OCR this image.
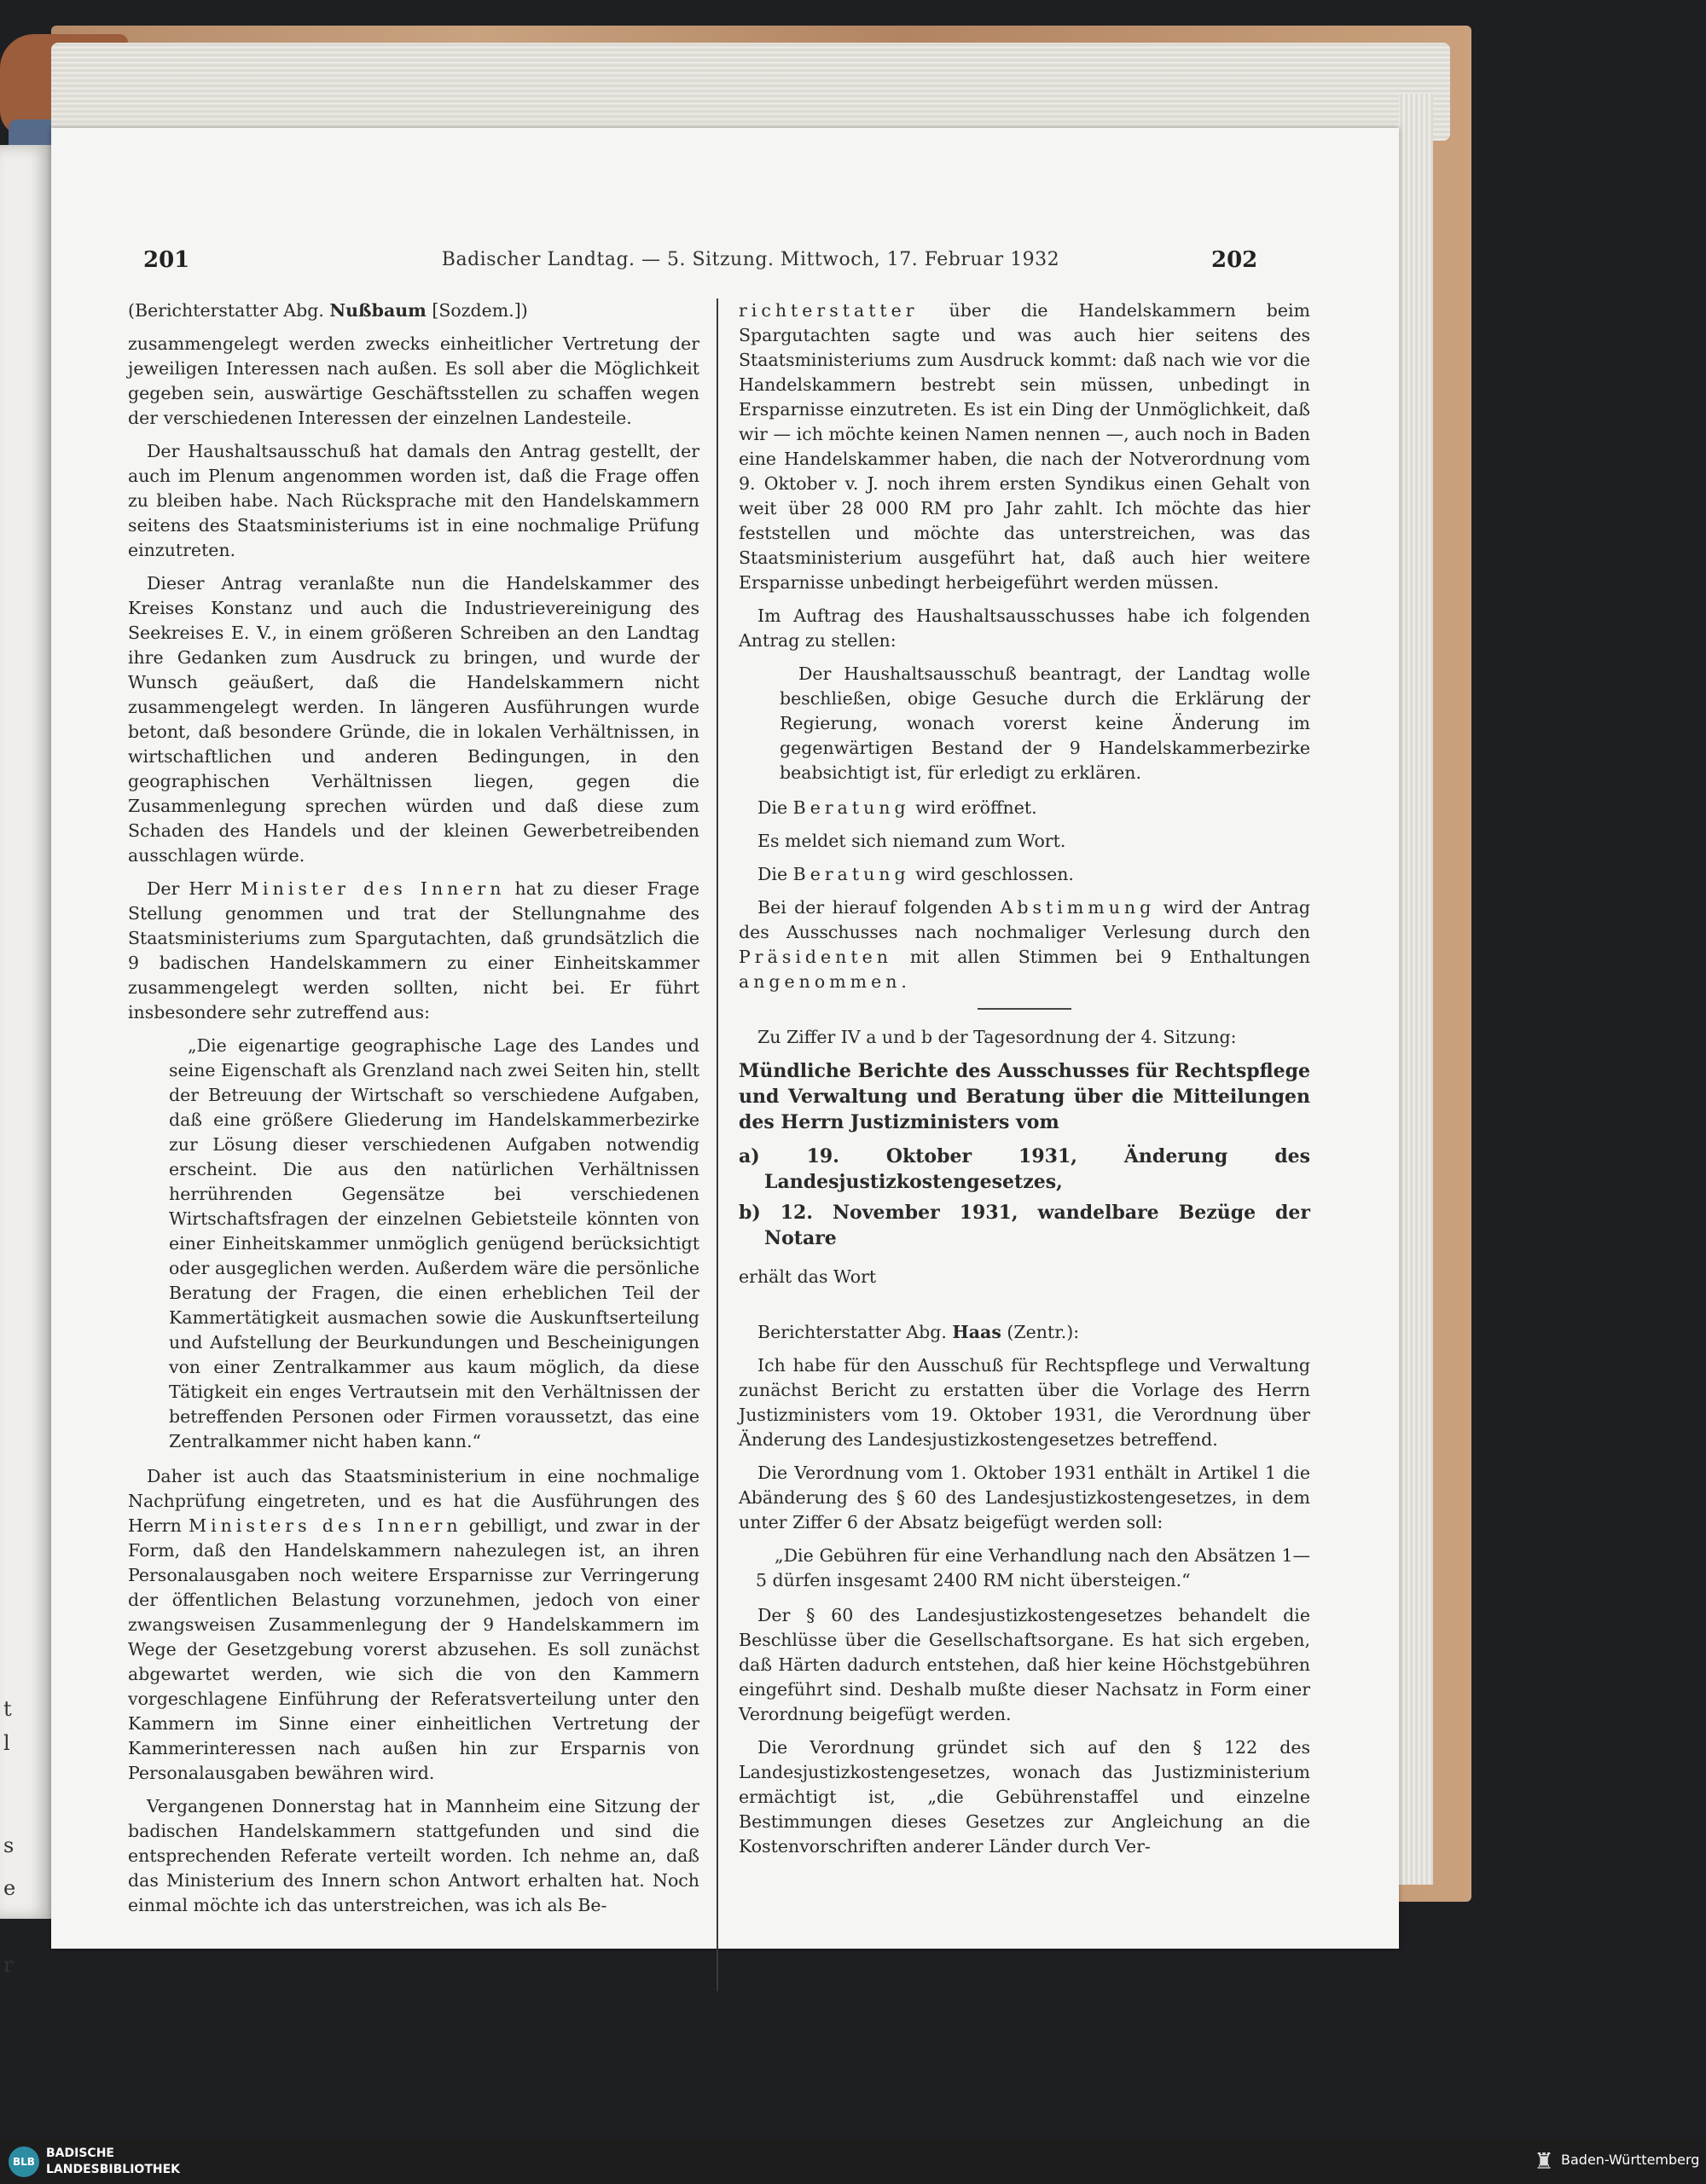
t
l
s
e
r
201	Badischer Landtag. — 5. Sitzung. Mittwoch, 17. Februar 1932	202

(Berichterstatter Abg. Nußbaum [Sozdem.])

zusammengelegt werden zwecks einheitlicher Vertretung der jeweiligen Interessen nach außen. Es soll aber die Möglichkeit gegeben sein, auswärtige Geschäftsstellen zu schaffen wegen der verschiedenen Interessen der einzelnen Landesteile.

Der Haushaltsausschuß hat damals den Antrag gestellt, der auch im Plenum angenommen worden ist, daß die Frage offen zu bleiben habe. Nach Rücksprache mit den Handelskammern seitens des Staatsministeriums ist in eine nochmalige Prüfung einzutreten.

Dieser Antrag veranlaßte nun die Handelskammer des Kreises Konstanz und auch die Industrievereinigung des Seekreises E. V., in einem größeren Schreiben an den Landtag ihre Gedanken zum Ausdruck zu bringen, und wurde der Wunsch geäußert, daß die Handelskammern nicht zusammengelegt werden. In längeren Ausführungen wurde betont, daß besondere Gründe, die in lokalen Verhältnissen, in wirtschaftlichen und anderen Bedingungen, in den geographischen Verhältnissen liegen, gegen die Zusammenlegung sprechen würden und daß diese zum Schaden des Handels und der kleinen Gewerbetreibenden ausschlagen würde.

Der Herr Minister des Innern hat zu dieser Frage Stellung genommen und trat der Stellungnahme des Staatsministeriums zum Spargutachten, daß grundsätzlich die 9 badischen Handelskammern zu einer Einheitskammer zusammengelegt werden sollten, nicht bei. Er führt insbesondere sehr zutreffend aus:

„Die eigenartige geographische Lage des Landes und seine Eigenschaft als Grenzland nach zwei Seiten hin, stellt der Betreuung der Wirtschaft so verschiedene Aufgaben, daß eine größere Gliederung im Handelskammerbezirke zur Lösung dieser verschiedenen Aufgaben notwendig erscheint. Die aus den natürlichen Verhältnissen herrührenden Gegensätze bei verschiedenen Wirtschaftsfragen der einzelnen Gebietsteile könnten von einer Einheitskammer unmöglich genügend berücksichtigt oder ausgeglichen werden. Außerdem wäre die persönliche Beratung der Fragen, die einen erheblichen Teil der Kammertätigkeit ausmachen sowie die Auskunftserteilung und Aufstellung der Beurkundungen und Bescheinigungen von einer Zentralkammer aus kaum möglich, da diese Tätigkeit ein enges Vertrautsein mit den Verhältnissen der betreffenden Personen oder Firmen voraussetzt, das eine Zentralkammer nicht haben kann.“

Daher ist auch das Staatsministerium in eine nochmalige Nachprüfung eingetreten, und es hat die Ausführungen des Herrn Ministers des Innern gebilligt, und zwar in der Form, daß den Handelskammern nahezulegen ist, an ihren Personalausgaben noch weitere Ersparnisse zur Verringerung der öffentlichen Belastung vorzunehmen, jedoch von einer zwangsweisen Zusammenlegung der 9 Handelskammern im Wege der Gesetzgebung vorerst abzusehen. Es soll zunächst abgewartet werden, wie sich die von den Kammern vorgeschlagene Einführung der Referatsverteilung unter den Kammern im Sinne einer einheitlichen Vertretung der Kammerinteressen nach außen hin zur Ersparnis von Personalausgaben bewähren wird.

Vergangenen Donnerstag hat in Mannheim eine Sitzung der badischen Handelskammern stattgefunden und sind die entsprechenden Referate verteilt worden. Ich nehme an, daß das Ministerium des Innern schon Antwort erhalten hat. Noch einmal möchte ich das unterstreichen, was ich als Be-

richterstatter über die Handelskammern beim Spargutachten sagte und was auch hier seitens des Staatsministeriums zum Ausdruck kommt: daß nach wie vor die Handelskammern bestrebt sein müssen, unbedingt in Ersparnisse einzutreten. Es ist ein Ding der Unmöglichkeit, daß wir — ich möchte keinen Namen nennen —, auch noch in Baden eine Handelskammer haben, die nach der Notverordnung vom 9. Oktober v. J. noch ihrem ersten Syndikus einen Gehalt von weit über 28 000 RM pro Jahr zahlt. Ich möchte das hier feststellen und möchte das unterstreichen, was das Staatsministerium ausgeführt hat, daß auch hier weitere Ersparnisse unbedingt herbeigeführt werden müssen.

Im Auftrag des Haushaltsausschusses habe ich folgenden Antrag zu stellen:

Der Haushaltsausschuß beantragt, der Landtag wolle beschließen, obige Gesuche durch die Erklärung der Regierung, wonach vorerst keine Änderung im gegenwärtigen Bestand der 9 Handelskammerbezirke beabsichtigt ist, für erledigt zu erklären.

Die Beratung wird eröffnet.

Es meldet sich niemand zum Wort.

Die Beratung wird geschlossen.

Bei der hierauf folgenden Abstimmung wird der Antrag des Ausschusses nach nochmaliger Verlesung durch den Präsidenten mit allen Stimmen bei 9 Enthaltungen angenommen.

Zu Ziffer IV a und b der Tagesordnung der 4. Sitzung:

Mündliche Berichte des Ausschusses für Rechtspflege und Verwaltung und Beratung über die Mitteilungen des Herrn Justizministers vom

a) 19. Oktober 1931, Änderung des Landesjustizkostengesetzes,

b) 12. November 1931, wandelbare Bezüge der Notare

erhält das Wort

Berichterstatter Abg. Haas (Zentr.):

Ich habe für den Ausschuß für Rechtspflege und Verwaltung zunächst Bericht zu erstatten über die Vorlage des Herrn Justizministers vom 19. Oktober 1931, die Verordnung über Änderung des Landesjustizkostengesetzes betreffend.

Die Verordnung vom 1. Oktober 1931 enthält in Artikel 1 die Abänderung des § 60 des Landesjustizkostengesetzes, in dem unter Ziffer 6 der Absatz beigefügt werden soll:

„Die Gebühren für eine Verhandlung nach den Absätzen 1—5 dürfen insgesamt 2400 RM nicht übersteigen.“

Der § 60 des Landesjustizkostengesetzes behandelt die Beschlüsse über die Gesellschaftsorgane. Es hat sich ergeben, daß Härten dadurch entstehen, daß hier keine Höchstgebühren eingeführt sind. Deshalb mußte dieser Nachsatz in Form einer Verordnung beigefügt werden.

Die Verordnung gründet sich auf den § 122 des Landesjustizkostengesetzes, wonach das Justizministerium ermächtigt ist, „die Gebührenstaffel und einzelne Bestimmungen dieses Gesetzes zur Angleichung an die Kostenvorschriften anderer Länder durch Ver-

BLB
BADISCHE
LANDESBIBLIOTHEK	♜ Baden-Württemberg
